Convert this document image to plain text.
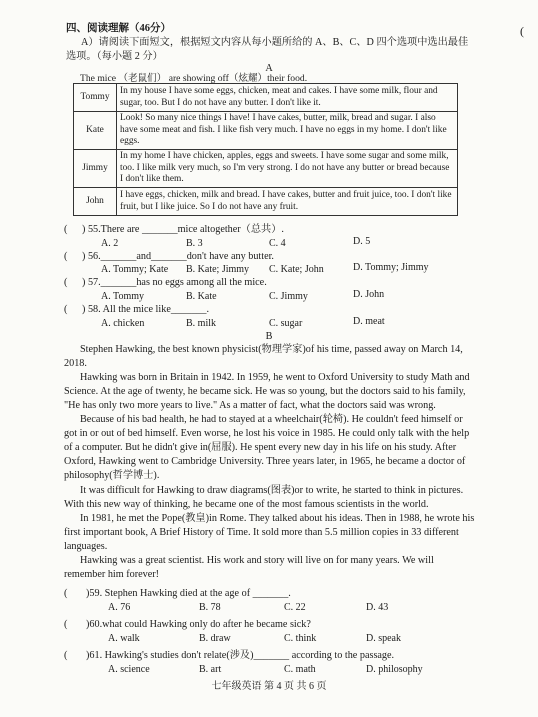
四、阅读理解（46分）
A）请阅读下面短文，根据短文内容从每小题所给的 A、B、C、D 四个选项中选出最佳
选项。（每小题 2 分）
(
A
The mice （老鼠们） are showing off（炫耀）their food.
Tommy	In my house I have some eggs, chicken, meat and cakes. I have some milk, flour and sugar, too. But I do not have any butter. I don't like it.
Kate	Look! So many nice things I have! I have cakes, butter, milk, bread and sugar. I also have some meat and fish. I like fish very much. I have no eggs in my home. I don't like eggs.
Jimmy	In my home I have chicken, apples, eggs and sweets. I have some sugar and some milk, too. I like milk very much, so I'm very strong. I do not have any butter or bread because I don't like them.
John	I have eggs, chicken, milk and bread. I have cakes, butter and fruit juice, too. I don't like fruit, but I like juice. So I do not have any fruit.
( ) 55.There are _______mice altogether（总共）.
A. 2	B. 3	C. 4	D. 5
( ) 56._______and_______don't have any butter.
A. Tommy; Kate B. Kate; Jimmy C. Kate; John	D. Tommy; Jimmy
( ) 57._______has no eggs among all the mice.
A. Tommy	B. Kate	C. Jimmy	D. John
( ) 58. All the mice like_______.
A. chicken	B. milk	C. sugar	D. meat
B
Stephen Hawking, the best known physicist(物理学家)of his time, passed away on March 14,
2018.
Hawking was born in Britain in 1942. In 1959, he went to Oxford University to study Math and
Science. At the age of twenty, he became sick. He was so young, but the doctors said to his family,
"He has only two more years to live." As a matter of fact, what the doctors said was wrong.
Because of his bad health, he had to stayed at a wheelchair(轮椅). He couldn't feed himself or
got in or out of bed himself. Even worse, he lost his voice in 1985. He could only talk with the help
of a computer. But he didn't give in(屈服). He spent every new day in his life on his study. After
Oxford, Hawking went to Cambridge University. Three years later, in 1965, he became a doctor of
philosophy(哲学博士).
It was difficult for Hawking to draw diagrams(图表)or to write, he started to think in pictures.
With this new way of thinking, he became one of the most famous scientists in the world.
In 1981, he met the Pope(教皇)in Rome. They talked about his ideas. Then in 1988, he wrote his
first important book, A Brief History of Time. It sold more than 5.5 million copies in 33 different
languages.
Hawking was a great scientist. His work and story will live on for many years. We will
remember him forever!
( )59. Stephen Hawking died at the age of _______.
A. 76	B. 78	C. 22	D. 43
( )60.what could Hawking only do after he became sick?
A. walk	B. draw	C. think	D. speak
( )61. Hawking's studies don't relate(涉及)_______ according to the passage.
A. science	B. art	C. math	D. philosophy
七年级英语 第 4 页 共 6 页
